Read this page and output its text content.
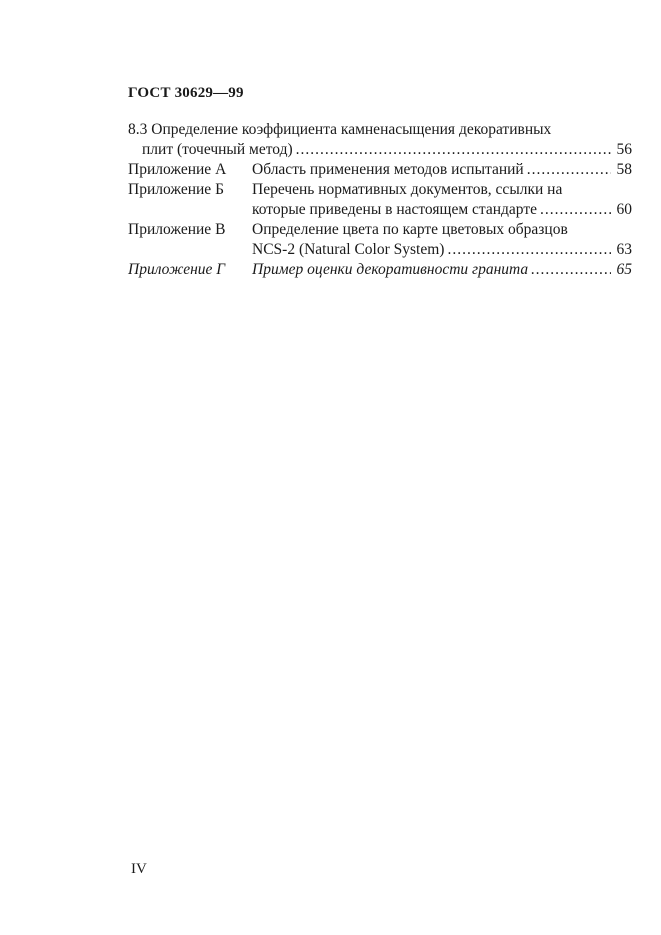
ГОСТ 30629—99
8.3 Определение коэффициента камненасыщения декоративных
плит (точечный метод) .....	56
Приложение А	Область применения методов испытаний .....	58
Приложение Б	Перечень нормативных документов, ссылки на
которые приведены в настоящем стандарте .....	60
Приложение В	Определение цвета по карте цветовых образцов
NCS-2 (Natural Color System) .....	63
Приложение Г	Пример оценки декоративности гранита .....	65
IV
